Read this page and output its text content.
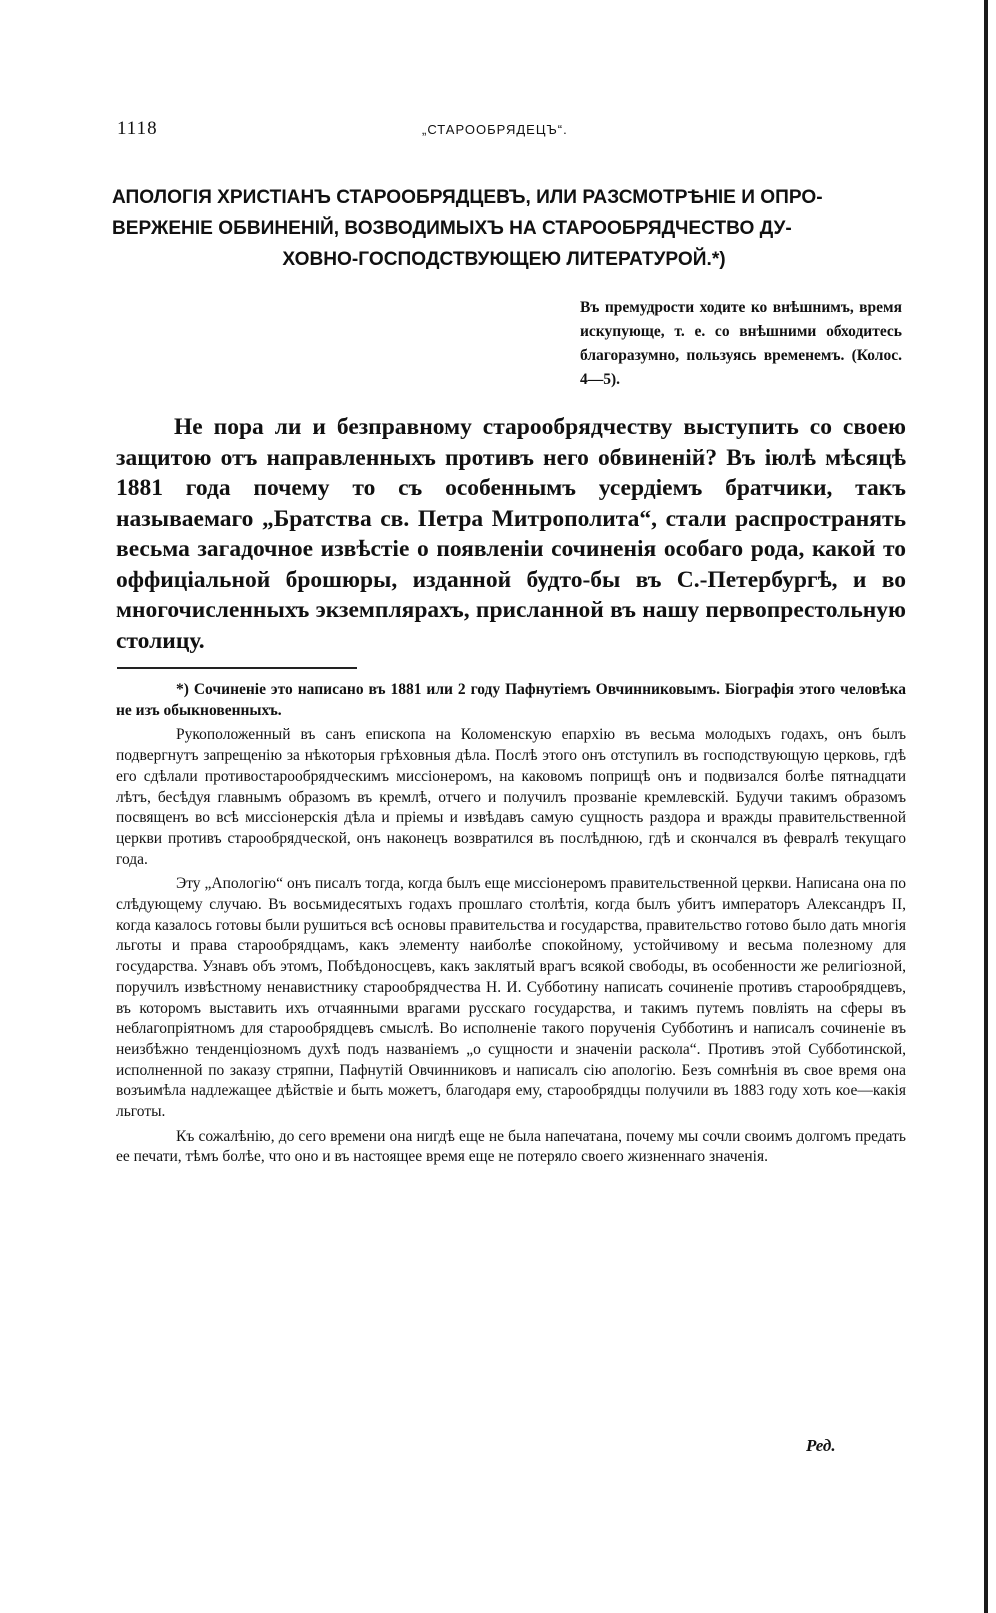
1118	„СТАРООБРЯДЕЦЪ“.
АПОЛОГІЯ ХРИСТІАНЪ СТАРООБРЯДЦЕВЪ, ИЛИ РАЗСМОТРѢНІЕ И ОПРО-
ВЕРЖЕНІЕ ОБВИНЕНІЙ, ВОЗВОДИМЫХЪ НА СТАРООБРЯДЧЕСТВО ДУ-
ХОВНО-ГОСПОДСТВУЮЩЕЮ ЛИТЕРАТУРОЙ.*)
Въ премудрости ходите ко внѣшнимъ, время искупующе, т. е. со внѣшними обходитесь благоразумно, пользуясь временемъ. (Колос. 4—5).

Не пора ли и безправному старообрядчеству выступить со своею защитою отъ направленныхъ противъ него обвиненій? Въ іюлѣ мѣсяцѣ 1881 года почему то съ особеннымъ усердіемъ братчики, такъ называемаго „Братства св. Петра Митрополита“, стали распространять весьма загадочное извѣстіе о появленіи сочиненія особаго рода, какой то оффиціальной брошюры, изданной будто-бы въ С.-Петербургѣ, и во многочисленныхъ экземплярахъ, присланной въ нашу первопрестольную столицу.

*) Сочиненіе это написано въ 1881 или 2 году Пафнутіемъ Овчинниковымъ. Біографія этого человѣка не изъ обыкновенныхъ.

Рукоположенный въ санъ епископа на Коломенскую епархію въ весьма молодыхъ годахъ, онъ былъ подвергнутъ запрещенію за нѣкоторыя грѣховныя дѣла. Послѣ этого онъ отступилъ въ господствующую церковь, гдѣ его сдѣлали противостарообрядческимъ миссіонеромъ, на каковомъ поприщѣ онъ и подвизался болѣе пятнадцати лѣтъ, бесѣдуя главнымъ образомъ въ кремлѣ, отчего и получилъ прозваніе кремлевскій. Будучи такимъ образомъ посвященъ во всѣ миссіонерскія дѣла и пріемы и извѣдавъ самую сущность раздора и вражды правительственной церкви противъ старообрядческой, онъ наконецъ возвратился въ послѣднюю, гдѣ и скончался въ февралѣ текущаго года.

Эту „Апологію“ онъ писалъ тогда, когда былъ еще миссіонеромъ правительственной церкви. Написана она по слѣдующему случаю. Въ восьмидесятыхъ годахъ прошлаго столѣтія, когда былъ убитъ императоръ Александръ II, когда казалось готовы были рушиться всѣ основы правительства и государства, правительство готово было дать многія льготы и права старообрядцамъ, какъ элементу наиболѣе спокойному, устойчивому и весьма полезному для государства. Узнавъ объ этомъ, Побѣдоносцевъ, какъ заклятый врагъ всякой свободы, въ особенности же религіозной, поручилъ извѣстному ненавистнику старообрядчества Н. И. Субботину написать сочиненіе противъ старообрядцевъ, въ которомъ выставить ихъ отчаянными врагами русскаго государства, и такимъ путемъ повліять на сферы въ неблагопріятномъ для старообрядцевъ смыслѣ. Во исполненіе такого порученія Субботинъ и написалъ сочиненіе въ неизбѣжно тенденціозномъ духѣ подъ названіемъ „о сущности и значеніи раскола“. Противъ этой Субботинской, исполненной по заказу стряпни, Пафнутій Овчинниковъ и написалъ сію апологію. Безъ сомнѣнія въ свое время она возъимѣла надлежащее дѣйствіе и быть можетъ, благодаря ему, старообрядцы получили въ 1883 году хоть кое—какія льготы.

Къ сожалѣнію, до сего времени она нигдѣ еще не была напечатана, почему мы сочли своимъ долгомъ предать ее печати, тѣмъ болѣе, что оно и въ настоящее время еще не потеряло своего жизненнаго значенія.

Ред.
